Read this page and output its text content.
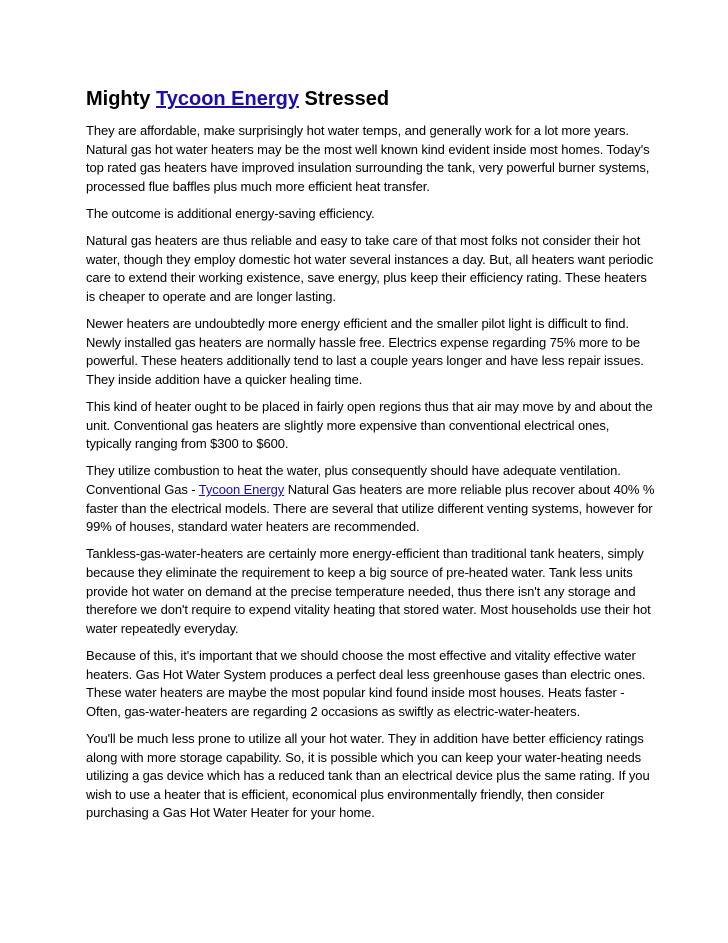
Mighty Tycoon Energy Stressed

They are affordable, make surprisingly hot water temps, and generally work for a lot more years. Natural gas hot water heaters may be the most well known kind evident inside most homes. Today's top rated gas heaters have improved insulation surrounding the tank, very powerful burner systems, processed flue baffles plus much more efficient heat transfer.

The outcome is additional energy-saving efficiency.

Natural gas heaters are thus reliable and easy to take care of that most folks not consider their hot water, though they employ domestic hot water several instances a day. But, all heaters want periodic care to extend their working existence, save energy, plus keep their efficiency rating. These heaters is cheaper to operate and are longer lasting.

Newer heaters are undoubtedly more energy efficient and the smaller pilot light is difficult to find. Newly installed gas heaters are normally hassle free. Electrics expense regarding 75% more to be powerful. These heaters additionally tend to last a couple years longer and have less repair issues. They inside addition have a quicker healing time.

This kind of heater ought to be placed in fairly open regions thus that air may move by and about the unit. Conventional gas heaters are slightly more expensive than conventional electrical ones, typically ranging from $300 to $600.

They utilize combustion to heat the water, plus consequently should have adequate ventilation. Conventional Gas - Tycoon Energy Natural Gas heaters are more reliable plus recover about 40% % faster than the electrical models. There are several that utilize different venting systems, however for 99% of houses, standard water heaters are recommended.

Tankless-gas-water-heaters are certainly more energy-efficient than traditional tank heaters, simply because they eliminate the requirement to keep a big source of pre-heated water. Tank less units provide hot water on demand at the precise temperature needed, thus there isn't any storage and therefore we don't require to expend vitality heating that stored water. Most households use their hot water repeatedly everyday.

Because of this, it's important that we should choose the most effective and vitality effective water heaters. Gas Hot Water System produces a perfect deal less greenhouse gases than electric ones. These water heaters are maybe the most popular kind found inside most houses. Heats faster - Often, gas-water-heaters are regarding 2 occasions as swiftly as electric-water-heaters.

You'll be much less prone to utilize all your hot water. They in addition have better efficiency ratings along with more storage capability. So, it is possible which you can keep your water-heating needs utilizing a gas device which has a reduced tank than an electrical device plus the same rating. If you wish to use a heater that is efficient, economical plus environmentally friendly, then consider purchasing a Gas Hot Water Heater for your home.
